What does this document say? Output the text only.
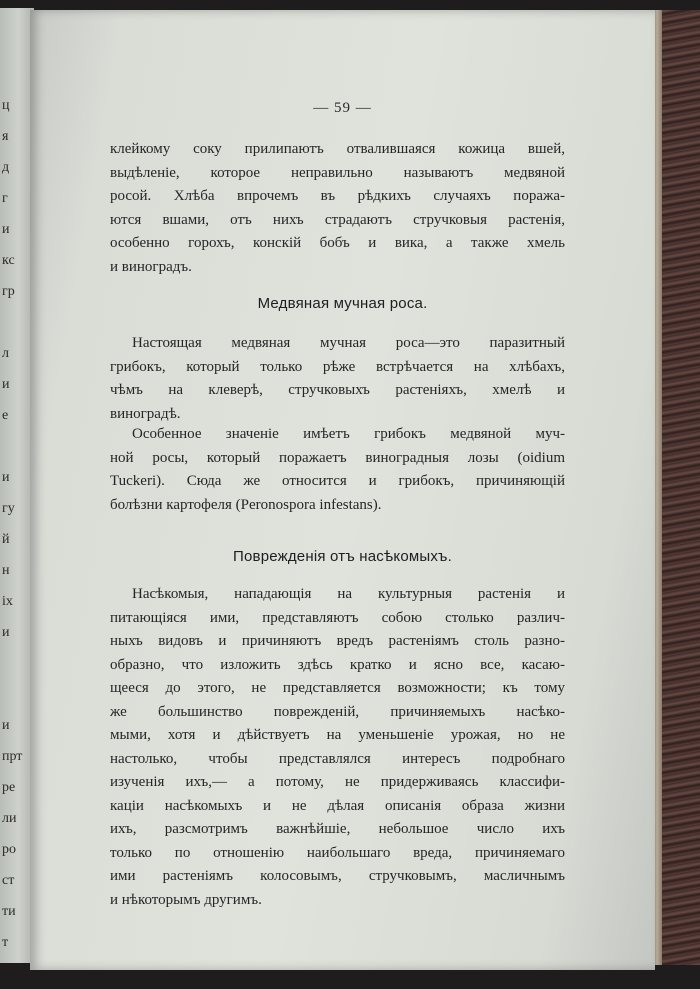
ц
я
д
г
и
кс
гр
л
и
е
и
гу
й
н
іх
и
и
прт
ре
ли
ро
ст
ти
т
— 59 —
клейкому соку прилипаютъ отвалившаяся кожица вшей,
выдѣленіе, которое неправильно называютъ медвяной
росой. Хлѣба впрочемъ въ рѣдкихъ случаяхъ поража-
ются вшами, отъ нихъ страдаютъ стручковыя растенія,
особенно горохъ, конскій бобъ и вика, а также хмель
и виноградъ.
Медвяная мучная роса.
Настоящая медвяная мучная роса—это паразитный
грибокъ, который только рѣже встрѣчается на хлѣбахъ,
чѣмъ на клеверѣ, стручковыхъ растеніяхъ, хмелѣ и
виноградѣ.
Особенное значеніе имѣетъ грибокъ медвяной муч-
ной росы, который поражаетъ виноградныя лозы (oidium
Tuckeri). Сюда же относится и грибокъ, причиняющій
болѣзни картофеля (Peronospora infestans).
Поврежденія отъ насѣкомыхъ.
Насѣкомыя, нападающія на культурныя растенія и
питающіяся ими, представляютъ собою столько различ-
ныхъ видовъ и причиняютъ вредъ растеніямъ столь разно-
образно, что изложить здѣсь кратко и ясно все, касаю-
щееся до этого, не представляется возможности; къ тому
же большинство поврежденій, причиняемыхъ насѣко-
мыми, хотя и дѣйствуетъ на уменьшеніе урожая, но не
настолько, чтобы представлялся интересъ подробнаго
изученія ихъ,— а потому, не придерживаясь классифи-
каціи насѣкомыхъ и не дѣлая описанія образа жизни
ихъ, разсмотримъ важнѣйшіе, небольшое число ихъ
только по отношенію наибольшаго вреда, причиняемаго
ими растеніямъ колосовымъ, стручковымъ, масличнымъ
и нѣкоторымъ другимъ.
